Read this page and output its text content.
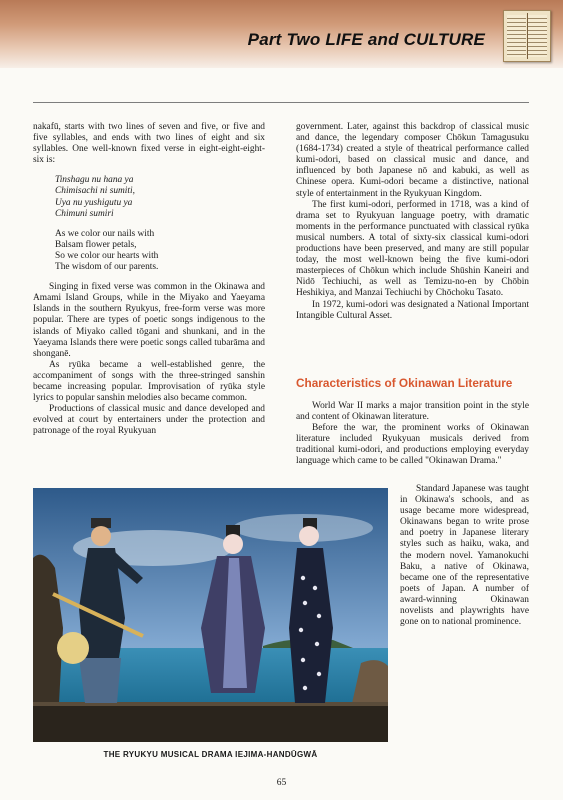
Part Two LIFE and CULTURE

nakafū, starts with two lines of seven and five, or five and five syllables, and ends with two lines of eight and six syllables. One well-known fixed verse in eight-eight-eight-six is:

Tinshagu nu hana ya
Chimisachi ni sumiti,
Uya nu yushigutu ya
Chimuni sumiri
As we color our nails with
Balsam flower petals,
So we color our hearts with
The wisdom of our parents.

Singing in fixed verse was common in the Okinawa and Amami Island Groups, while in the Miyako and Yaeyama Islands in the southern Ryukyus, free-form verse was more popular. There are types of poetic songs indigenous to the islands of Miyako called tōgani and shunkani, and in the Yaeyama Islands there were poetic songs called tubarāma and shonganē.

As ryūka became a well-established genre, the accompaniment of songs with the three-stringed sanshin became increasing popular. Improvisation of ryūka style lyrics to popular sanshin melodies also became common.

Productions of classical music and dance developed and evolved at court by entertainers under the protection and patronage of the royal Ryukyuan

government. Later, against this backdrop of classical music and dance, the legendary composer Chōkun Tamagusuku (1684-1734) created a style of theatrical performance called kumi-odori, based on classical music and dance, and influenced by both Japanese nō and kabuki, as well as Chinese opera. Kumi-odori became a distinctive, national style of entertainment in the Ryukyuan Kingdom.

The first kumi-odori, performed in 1718, was a kind of drama set to Ryukyuan language poetry, with dramatic moments in the performance punctuated with classical ryūka musical numbers. A total of sixty-six classical kumi-odori productions have been preserved, and many are still popular today, the most well-known being the five kumi-odori masterpieces of Chōkun which include Shūshin Kaneiri and Nidō Techiuchi, as well as Temizu-no-en by Chōbin Heshikiya, and Manzai Techiuchi by Chōchoku Tasato.

In 1972, kumi-odori was designated a National Important Intangible Cultural Asset.

Characteristics of Okinawan Literature

World War II marks a major transition point in the style and content of Okinawan literature.

Before the war, the prominent works of Okinawan literature included Ryukyuan musicals derived from traditional kumi-odori, and productions employing everyday language which came to be called "Okinawan Drama."

Standard Japanese was taught in Okinawa's schools, and as usage became more widespread, Okinawans began to write prose and poetry in Japanese literary styles such as haiku, waka, and the modern novel. Yamanokuchi Baku, a native of Okinawa, became one of the representative poets of Japan. A number of award-winning Okinawan novelists and playwrights have gone on to national prominence.

THE RYUKYU MUSICAL DRAMA IEJIMA-HANDŪGWĀ
65
